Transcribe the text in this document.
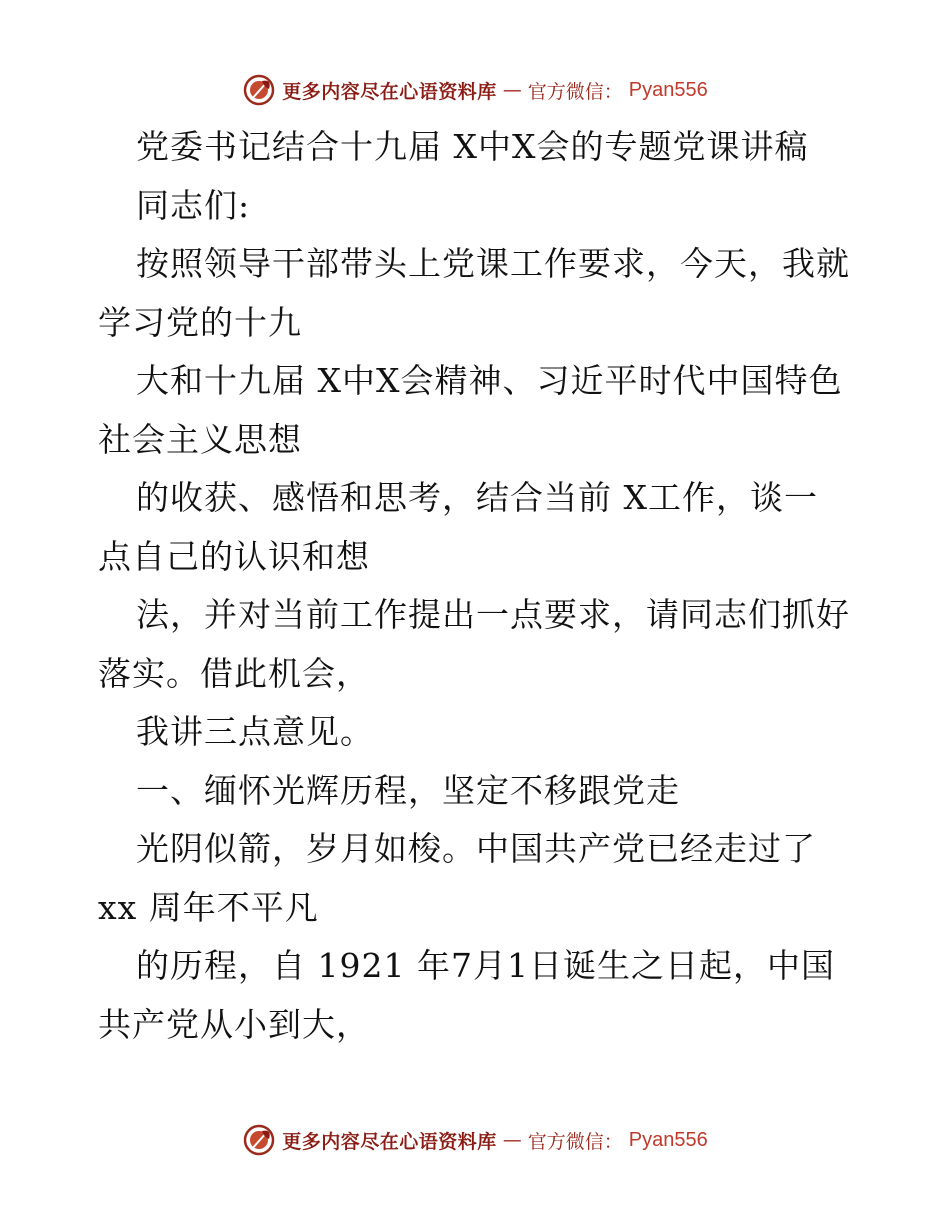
更多内容尽在心语资料库 — 官方微信： Pyan556
党委书记结合十九届 X中X会的专题党课讲稿
同志们:
按照领导干部带头上党课工作要求，今天，我就
学习党的十九
大和十九届 X中X会精神、习近平时代中国特色
社会主义思想
的收获、感悟和思考，结合当前 X工作，谈一
点自己的认识和想
法，并对当前工作提出一点要求，请同志们抓好
落实。借此机会，
我讲三点意见。
一、缅怀光辉历程，坚定不移跟党走
光阴似箭，岁月如梭。中国共产党已经走过了
xx 周年不平凡
的历程，自 1921 年7月1日诞生之日起，中国
共产党从小到大，
更多内容尽在心语资料库 — 官方微信： Pyan556
